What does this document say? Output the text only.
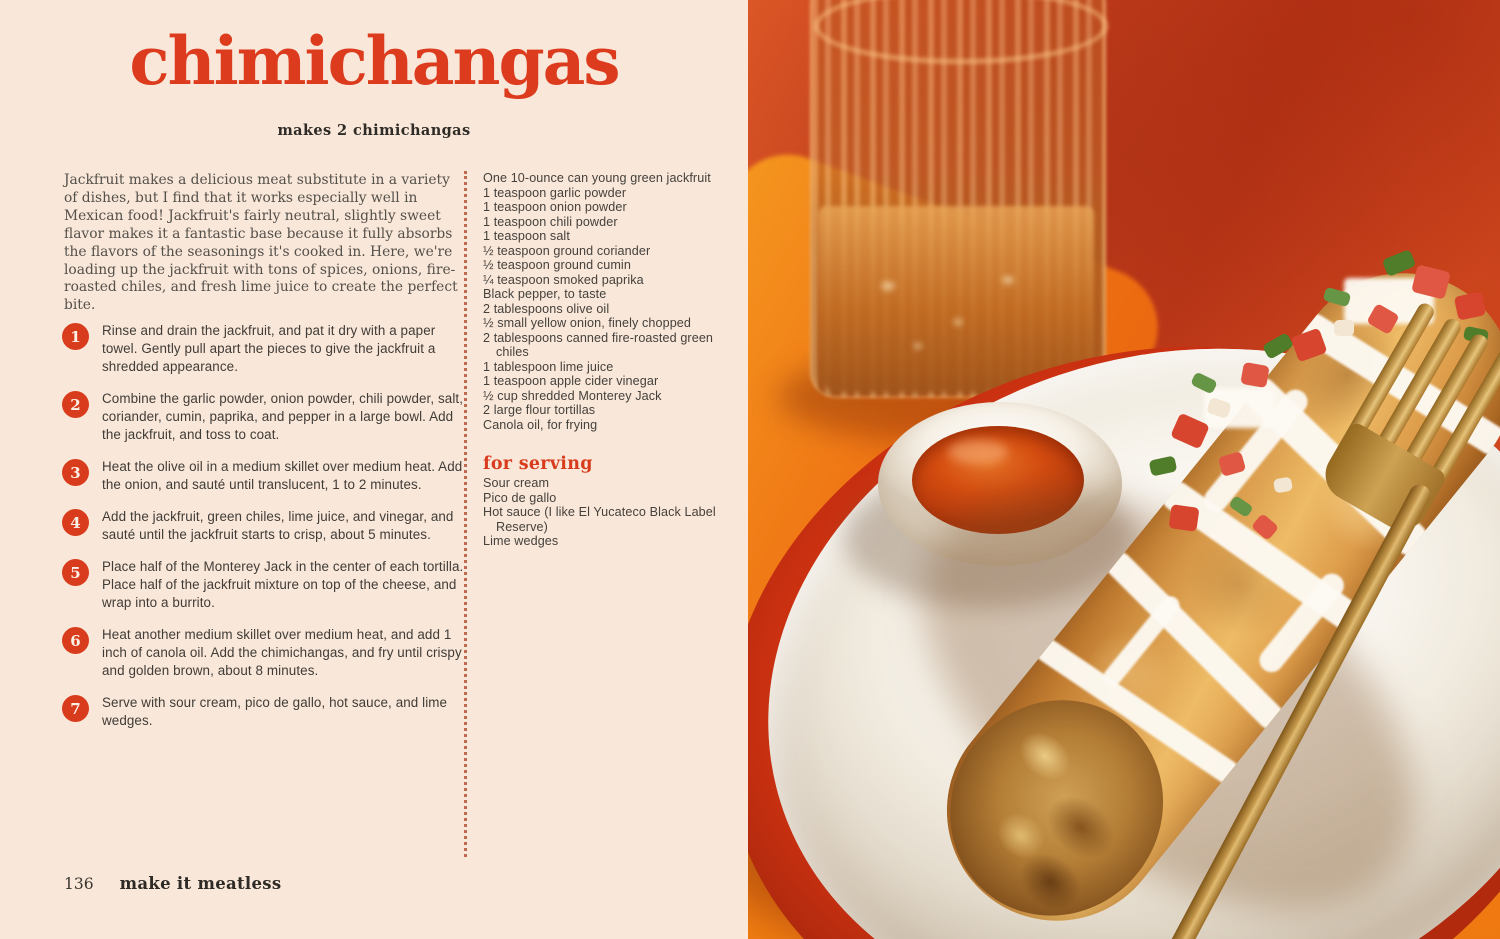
chimichangas
makes 2 chimichangas

Jackfruit makes a delicious meat substitute in a variety of dishes, but I find that it works especially well in Mexican food! Jackfruit's fairly neutral, slightly sweet flavor makes it a fantastic base because it fully absorbs the flavors of the seasonings it's cooked in. Here, we're loading up the jackfruit with tons of spices, onions, fire-roasted chiles, and fresh lime juice to create the perfect bite.

1	Rinse and drain the jackfruit, and pat it dry with a paper towel. Gently pull apart the pieces to give the jackfruit a shredded appearance.

2	Combine the garlic powder, onion powder, chili powder, salt, coriander, cumin, paprika, and pepper in a large bowl. Add the jackfruit, and toss to coat.

3	Heat the olive oil in a medium skillet over medium heat. Add the onion, and sauté until translucent, 1 to 2 minutes.

4	Add the jackfruit, green chiles, lime juice, and vinegar, and sauté until the jackfruit starts to crisp, about 5 minutes.

5	Place half of the Monterey Jack in the center of each tortilla. Place half of the jackfruit mixture on top of the cheese, and wrap into a burrito.

6	Heat another medium skillet over medium heat, and add 1 inch of canola oil. Add the chimichangas, and fry until crispy and golden brown, about 8 minutes.

7	Serve with sour cream, pico de gallo, hot sauce, and lime wedges.

One 10-ounce can young green jackfruit
1 teaspoon garlic powder
1 teaspoon onion powder
1 teaspoon chili powder
1 teaspoon salt
½ teaspoon ground coriander
½ teaspoon ground cumin
¼ teaspoon smoked paprika
Black pepper, to taste
2 tablespoons olive oil
½ small yellow onion, finely chopped
2 tablespoons canned fire-roasted green chiles
1 tablespoon lime juice
1 teaspoon apple cider vinegar
½ cup shredded Monterey Jack
2 large flour tortillas
Canola oil, for frying
for serving
Sour cream
Pico de gallo
Hot sauce (I like El Yucateco Black Label Reserve)
Lime wedges
136 make it meatless
